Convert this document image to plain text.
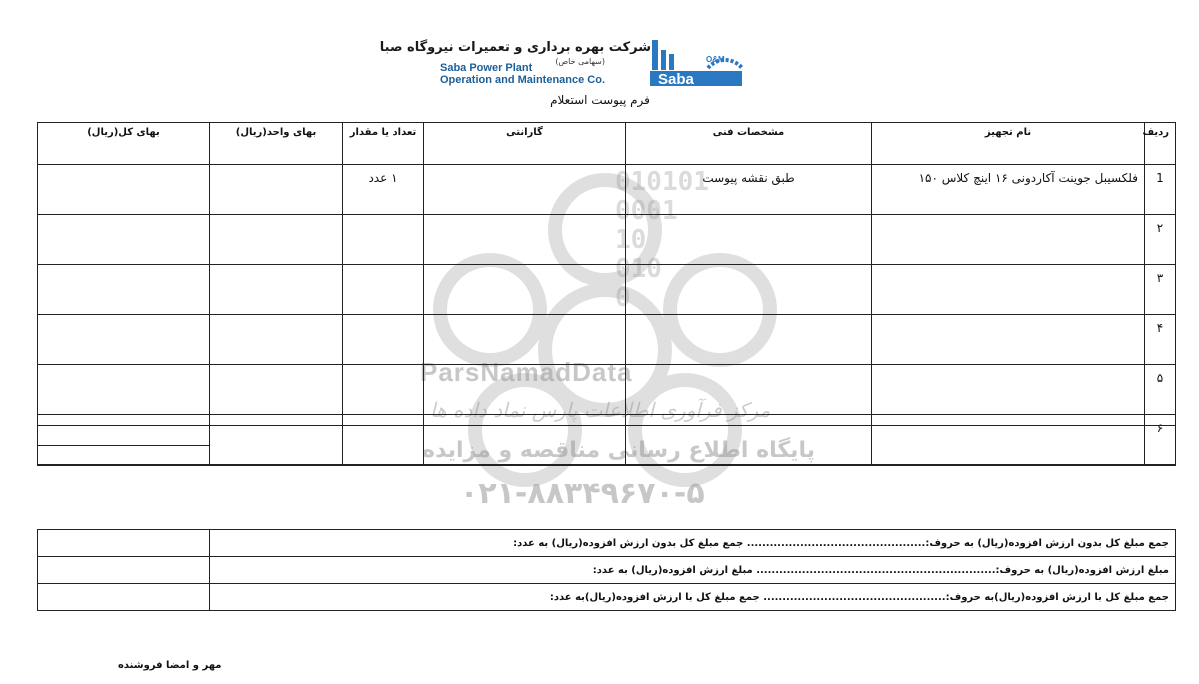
شرکت بهره برداری و تعمیرات نیروگاه صبا
(سهامی خاص)
Saba Power Plant
Operation and Maintenance Co.
O&M
Saba
فرم پیوست استعلام
010101
0001
10
010
0
ParsNamadData
مرکز فرآوری اطلاعات پارس نماد داده ها
پایگاه اطلاع رسانی مناقصه و مزایده
۰۲۱-۸۸۳۴۹۶۷۰-۵
ردیف	نام تجهیز	مشخصات فنی	گارانتی	تعداد یا مقدار	بهای واحد(ریال)	بهای کل(ریال)
1	فلکسیبل جوینت آکاردونی ۱۶ اینچ کلاس ۱۵۰	طبق نقشه پیوست		۱ عدد		
۲						
۳						
۴						
۵						
۶						

جمع مبلغ کل بدون ارزش افزوده(ریال) به حروف:............................................... جمع مبلغ کل بدون ارزش افزوده(ریال) به عدد:	
مبلغ ارزش افزوده(ریال) به حروف:............................................................... مبلغ ارزش افزوده(ریال) به عدد:	
جمع مبلغ کل با ارزش افزوده(ریال)به حروف:................................................ جمع مبلغ کل با ارزش افزوده(ریال)به عدد:	
مهر و امضا فروشنده
